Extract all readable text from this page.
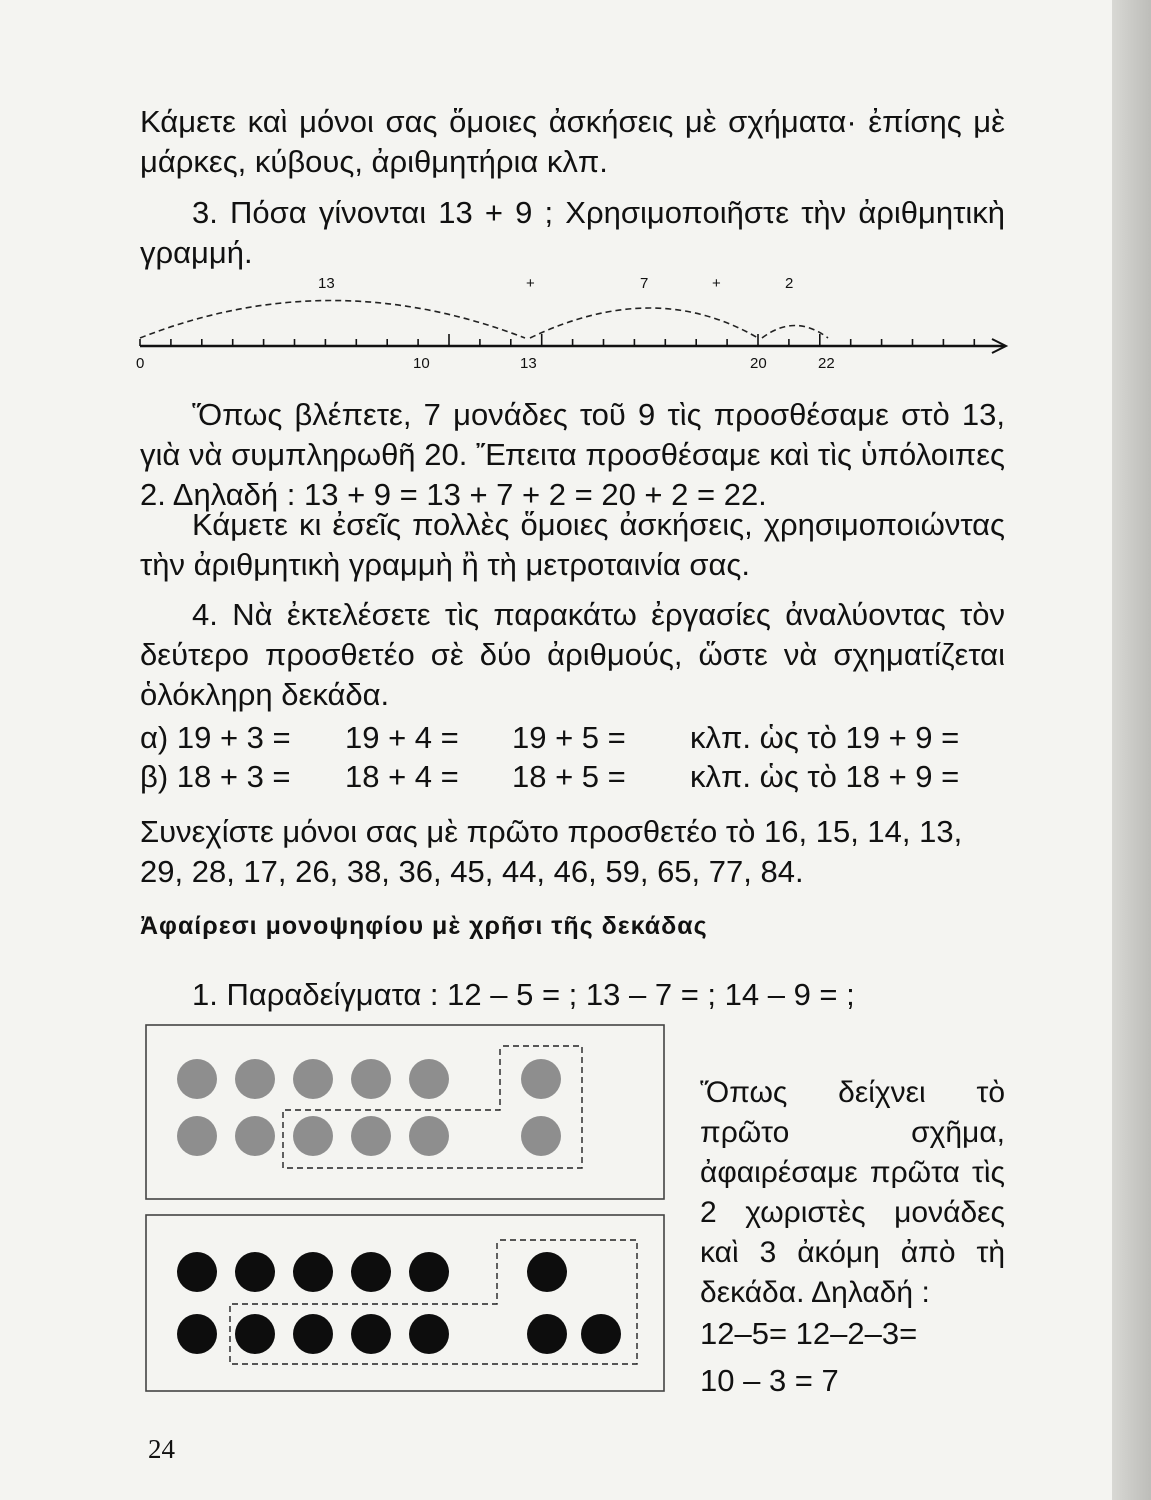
Κάμετε καὶ μόνοι σας ὅμοιες ἀσκήσεις μὲ σχήματα· ἐπίσης μὲ μάρκες, κύβους, ἀριθμητήρια κλπ.

3. Πόσα γίνονται 13 + 9 ; Χρησιμοποιῆστε τὴν ἀριθμητικὴ γραμμή.

13	+	7	+	2
0	10	13	20	22

Ὅπως βλέπετε, 7 μονάδες τοῦ 9 τὶς προσθέσαμε στὸ 13, γιὰ νὰ συμπληρωθῆ 20. Ἔπειτα προσθέσαμε καὶ τὶς ὑπόλοιπες 2. Δηλαδή : 13 + 9 = 13 + 7 + 2 = 20 + 2 = 22.

Κάμετε κι ἐσεῖς πολλὲς ὅμοιες ἀσκήσεις, χρησιμοποιώντας τὴν ἀριθμητικὴ γραμμὴ ἢ τὴ μετροταινία σας.

4. Νὰ ἐκτελέσετε τὶς παρακάτω ἐργασίες ἀναλύοντας τὸν δεύτερο προσθετέο σὲ δύο ἀριθμούς, ὥστε νὰ σχηματίζεται ὁλόκληρη δεκάδα.

α) 19 + 3 = 19 + 4 = 19 + 5 = κλπ. ὡς τὸ 19 + 9 =
β) 18 + 3 = 18 + 4 = 18 + 5 = κλπ. ὡς τὸ 18 + 9 =

Συνεχίστε μόνοι σας μὲ πρῶτο προσθετέο τὸ 16, 15, 14, 13, 29, 28, 17, 26, 38, 36, 45, 44, 46, 59, 65, 77, 84.

Ἀφαίρεσι μονοψηφίου μὲ χρῆσι τῆς δεκάδας
1. Παραδείγματα : 12 – 5 = ; 13 – 7 = ; 14 – 9 = ;

Ὅπως δείχνει τὸ πρῶτο σχῆμα, ἀφαιρέσαμε πρῶτα τὶς 2 χωριστὲς μονάδες καὶ 3 ἀκόμη ἀπὸ τὴ δεκάδα. Δηλαδή :

12–5= 12–2–3=
10 – 3 = 7
24
